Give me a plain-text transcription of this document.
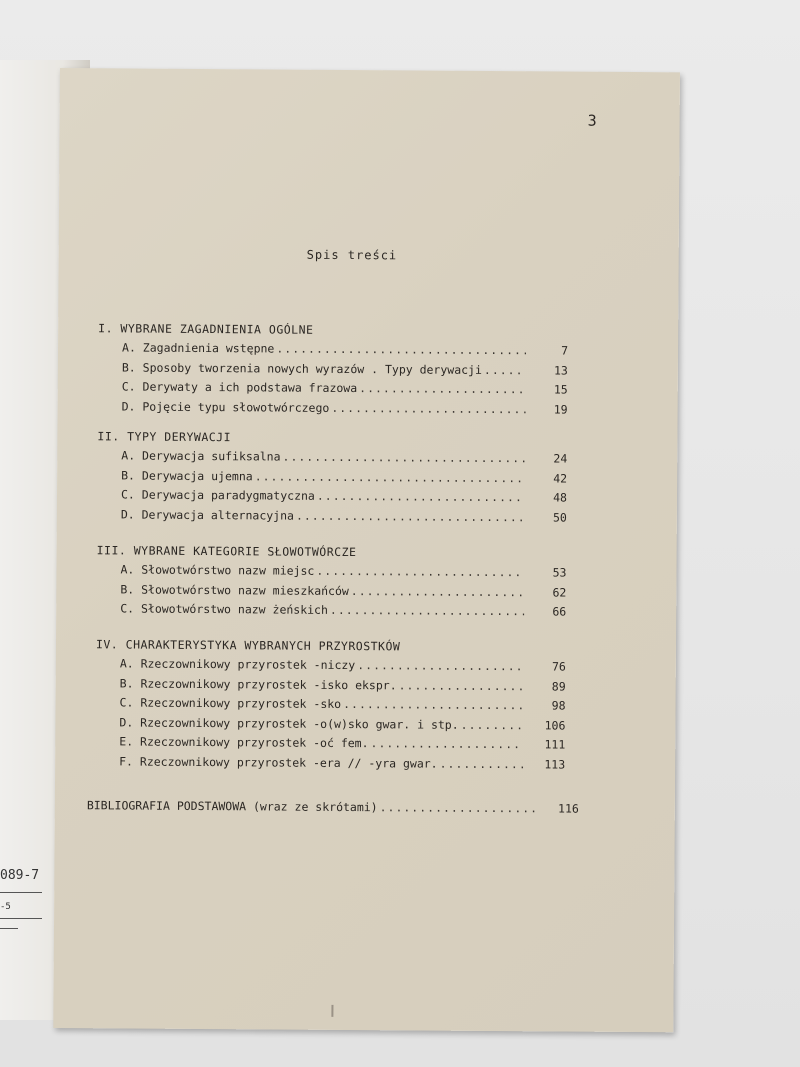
089-7
-5
3
Spis treści
I. WYBRANE ZAGADNIENIA OGÓLNE
A. Zagadnienia wstępne .....	7
B. Sposoby tworzenia nowych wyrazów . Typy derywacji .....	13
C. Derywaty a ich podstawa frazowa .....	15
D. Pojęcie typu słowotwórczego .....	19
II. TYPY DERYWACJI
A. Derywacja sufiksalna .....	24
B. Derywacja ujemna .....	42
C. Derywacja paradygmatyczna .....	48
D. Derywacja alternacyjna .....	50
III. WYBRANE KATEGORIE SŁOWOTWÓRCZE
A. Słowotwórstwo nazw miejsc .....	53
B. Słowotwórstwo nazw mieszkańców .....	62
C. Słowotwórstwo nazw żeńskich .....	66
IV. CHARAKTERYSTYKA WYBRANYCH PRZYROSTKÓW
A. Rzeczownikowy przyrostek -niczy .....	76
B. Rzeczownikowy przyrostek -isko ekspr. .....	89
C. Rzeczownikowy przyrostek -sko .....	98
D. Rzeczownikowy przyrostek -o(w)sko gwar. i stp. .....	106
E. Rzeczownikowy przyrostek -oć fem. .....	111
F. Rzeczownikowy przyrostek -era // -yra gwar. .....	113
BIBLIOGRAFIA PODSTAWOWA (wraz ze skrótami) .....	116
